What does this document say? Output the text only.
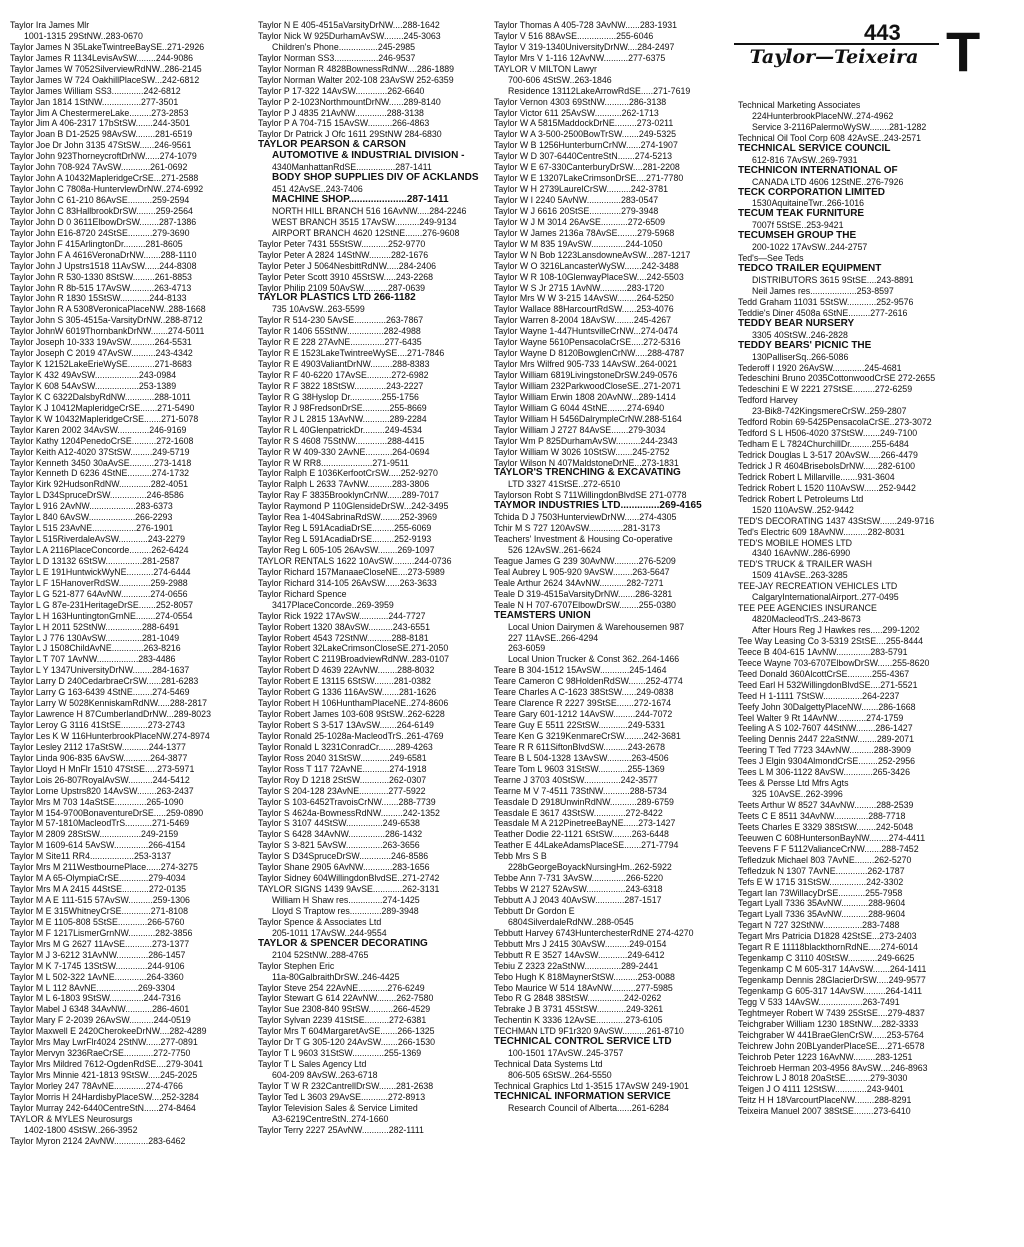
443
Taylor—Teixeira T
Taylor Ira James Mlr
1001-1315 29StNW..283-0670
Taylor James N 35LakeTwintreeBaySE..271-2926
Taylor James R 1134LevisAvSW........244-9086
Taylor James W 7052SilverviewRdNW..286-2145
Taylor James W 724 OakhillPlaceSW...242-6812
Taylor James William SS3.............242-6812
Taylor Jan 1814 1StNW................277-3501
Taylor Jim A ChestermereLake.........273-2853
Taylor Jim A 406-2317 17bStSW.......244-3501
Taylor Joan B D1-2525 98AvSW........281-6519
Taylor Joe Dr John 3135 47StSW......246-9561
Taylor John 923ThorneycroftDrNW......274-1079
Taylor John 708-924 7AvSW............261-0692
Taylor John A 10432MapleridgeCrSE...271-2588
Taylor John C 7808a-HuntervlewDrNW..274-6992
Taylor John C 61-210 86AvSE..........259-2594
Taylor John C 83HallbrookDrSW........259-2564
Taylor John D 0 3611ElbowDrSW........287-1386
Taylor John E16-8720 24StSE..........279-3690
Taylor John F 415ArlingtonDr.........281-8605
Taylor John F A 4616VeronaDrNW.......288-1110
Taylor John J Upstrs1518 11AvSW......244-8308
Taylor John R 530-1330 8StSW.........261-8853
Taylor John R 8b-515 17AvSW..........263-4713
Taylor John R 1830 15StSW............244-8133
Taylor John R A 5308VeronicaPlaceNW..288-1668
Taylor John S 305-4515a-VarsityDrNW..288-8712
Taylor JohnW 6019ThornbankDrNW.......274-5011
Taylor Joseph 10-333 19AvSW..........264-5531
Taylor Joseph C 2019 47AvSW..........243-4342
Taylor K 12152LakeErieWySE...........271-8683
Taylor K 432 49AvSW..................243-0984
Taylor K 608 54AvSW..................253-1389
Taylor K C 6322DalsbyRdNW............288-1011
Taylor K J 10412MapleridgeCrSE.......271-5490
Taylor K W 10432MapleridgeCrSE.......271-5078
Taylor Karen 2002 34AvSW.............246-9169
Taylor Kathy 1204PenedoCrSE..........272-1608
Taylor Keith A12-4020 37StSW.........249-5719
Taylor Kenneth 3450 30aAvSE..........273-1418
Taylor Kenneth D 6236 4StNE..........274-1732
Taylor Kirk 92HudsonRdNW.............282-4051
Taylor L D34SpruceDrSW...............246-8586
Taylor L 916 2AvNW...................283-6373
Taylor L 840 6AvSW...................266-2293
Taylor L 515 23AvNE..................276-1901
Taylor L 515RiverdaleAvSW............243-2279
Taylor L A 2116PlaceConcorde.........262-6424
Taylor L D 13132 6StSW...............281-2587
Taylor L E 191HuntwickWyNE...........274-6444
Taylor L F 15HanoverRdSW.............259-2988
Taylor L G 521-877 64AvNW............274-0656
Taylor L G 87e-231HeritageDrSE.......252-8057
Taylor L H 163HuntingtonGrnNE........274-0554
Taylor L H 2011 52StNW...............288-6491
Taylor L J 776 130AvSW...............281-1049
Taylor L J 1508ChildAvNE.............263-8216
Taylor L T 707 1AvNW.................283-4486
Taylor L Y 1347UniversityDrNW........284-1637
Taylor Larry D 240CedarbraeCrSW......281-6283
Taylor Larry G 163-6439 4StNE........274-5469
Taylor Larry W 5028KenniskamRdNW.....288-2817
Taylor Lawrence H 87CumberlandDrNW...289-8023
Taylor Leroy G 3116 41StSE...........273-2743
Taylor Les K W 116HunterbrookPlaceNW.274-8974
Taylor Lesley 2112 17aStSW...........244-1377
Taylor Linda 906-835 6AvSW...........264-3877
Taylor Lloyd H MnFlr 1510 47StSE.....273-5971
Taylor Lois 26-807RoyalAvSW..........244-5412
Taylor Lorne Upstrs820 14AvSW........263-2437
Taylor Mrs M 703 14aStSE.............265-1090
Taylor M 154-9700BonaventureDrSE.....259-0890
Taylor M 57-1810MacleodTrS...........271-5469
Taylor M 2809 28StSW.................249-2159
Taylor M 1609-614 5AvSW..............266-4154
Taylor M Site11 RR4..................253-3137
Taylor Mrs M 211WestbournePlace......274-3275
Taylor M A 65-OlympiaCrSE............279-4034
Taylor Mrs M A 2415 44StSE...........272-0135
Taylor M A E 111-515 57AvSW..........259-1306
Taylor M E 315WhitneyCrSE............271-8108
Taylor M E 1105-808 5StSE............266-5760
Taylor M F 1217LismerGrnNW...........282-3856
Taylor Mrs M G 2627 11AvSE...........273-1377
Taylor M J 3-6212 31AvNW.............286-1457
Taylor M K 7-1745 13StSW.............244-9106
Taylor M L 502-322 1AvNE.............264-3360
Taylor M L 112 8AvNE.................269-3304
Taylor M L 6-1803 9StSW..............244-7316
Taylor Mabel J 6348 34AvNW...........286-4601
Taylor Mary F 2-2039 26AvSW..........244-0519
Taylor Maxwell E 2420CherokeeDrNW....282-4289
Taylor Mrs May LwrFlr4024 2StNW......277-0891
Taylor Mervyn 3236RaeCrSE............272-7750
Taylor Mrs Mildred 7612-OgdenRdSE....279-3041
Taylor Mrs Minnie 421-1813 9StSW.....245-2025
Taylor Morley 247 78AvNE.............274-4766
Taylor Morris H 24HardisbyPlaceSW....252-3284
Taylor Murray 242-6440CentreStN......274-8464
TAYLOR & MYLES Neurosurgs
1402-1800 4StSW..266-3952
Taylor Myron 2124 2AvNW..............283-6462
Taylor N E 405-4515aVarsityDrNW....288-1642
Taylor Nick W 925DurhamAvSW........245-3063
Children's Phone................245-2985
Taylor Norman SS3..................246-9537
Taylor Norman R 4828BownessRdNW....286-1889
Taylor Norman Walter 202-108 23AvSW 252-6359
Taylor P 17-322 14AvSW.............262-6640
Taylor P 2-1023NorthmountDrNW......289-8140
Taylor P J 4835 21AvNW.............288-3138
Taylor P A 704-715 15AvSW..........266-4863
Taylor Dr Patrick J Ofc 1611 29StNW 284-6830
TAYLOR PEARSON & CARSON
AUTOMOTIVE & INDUSTRIAL DIVISION -
4340ManhattanRdSE................287-1411
BODY SHOP SUPPLIES DIV OF ACKLANDS
451 42AvSE..243-7406
MACHINE SHOP.....................287-1411
NORTH HILL BRANCH 516 16AvNW.....284-2246
WEST BRANCH 3515 17AvSW..........249-9134
AIRPORT BRANCH 4620 12StNE.......276-9608
Taylor Peter 7431 55StSW...........252-9770
Taylor Peter A 2824 14StNW.........282-1676
Taylor Peter J 5064NesbittRdNW.....284-2406
Taylor Peter Scott 3910 45StSW.....243-2268
Taylor Philip 2109 50AvSW..........287-0639
TAYLOR PLASTICS LTD 266-1182
735 10AvSW..263-5599
Taylor R 514-230 5AvSE.............263-7867
Taylor R 1406 55StNW...............282-4988
Taylor R E 228 27AvNE..............277-6435
Taylor R E 1523LakeTwintreeWySE....271-7846
Taylor R E 4903ValiantDrNW.........288-8383
Taylor R F 40-6220 17AvSE..........272-6982
Taylor R F 3822 18StSW.............243-2227
Taylor R G 38Hyslop Dr.............255-1756
Taylor R J 98FredsonDrSE...........255-8669
Taylor R J L 2815 13AvNW...........289-2284
Taylor R L 40GlenpatrickDr.........249-4534
Taylor R S 4608 75StNW.............288-4415
Taylor R W 409-330 2AvNE...........264-0694
Taylor R W RR8.....................271-9511
Taylor Ralph E 1036KerfootCrSW.....252-9270
Taylor Ralph L 2633 7AvNW..........283-3806
Taylor Ray F 3835BrooklynCrNW......289-7017
Taylor Raymond P 110GlensideDrSW...242-3495
Taylor Rea 1-404SabrinaRdSW........252-3969
Taylor Reg L 591AcadiaDrSE.........255-6069
Taylor Reg L 591AcadiaDrSE.........252-9193
Taylor Reg L 605-105 26AvSW........269-1097
TAYLOR RENTALS 1622 10AvSW.........244-0736
Taylor Richard 157ManaaeCloseNE....273-5989
Taylor Richard 314-105 26AvSW......263-3633
Taylor Richard Spence
3417PlaceConcorde..269-3959
Taylor Rick 1922 17AvSW............244-7727
Taylor Robert 1320 38AvSW..........243-6551
Taylor Robert 4543 72StNW..........288-8181
Taylor Robert 32LakeCrimsonCloseSE.271-2050
Taylor Robert C 2119BroadviewRdNW..283-0107
Taylor Robert D 4639 22AvNW........288-8032
Taylor Robert E 13115 6StSW........281-0382
Taylor Robert G 1336 116AvSW.......281-1626
Taylor Robert H 106HunthamPlaceNE..274-8606
Taylor Robert James 103-608 9StSW..262-6228
Taylor Robert S 3-517 13AvSW.......264-6149
Taylor Ronald 25-1028a-MacleodTrS..261-4769
Taylor Ronald L 3231ConradCr.......289-4263
Taylor Ross 2040 31StSW............249-6581
Taylor Ross T 117 72AvNE...........274-1918
Taylor Roy D 1218 2StSW............262-0307
Taylor S 204-128 23AvNE............277-5922
Taylor S 103-6452TravoisCrNW.......288-7739
Taylor S 4624a-BownessRdNW.........242-1352
Taylor S 3107 44StSW...............249-6538
Taylor S 6428 34AvNW...............286-1432
Taylor S 3-821 5AvSW...............263-3656
Taylor S D34SpruceDrSW.............246-8586
Taylor Shane 2905 6AvNW............283-1656
Taylor Sidney 604WillingdonBlvdSE..271-2742
TAYLOR SIGNS 1439 9AvSE............262-3131
William H Shaw res..............274-1425
Lloyd S Traptow res.............289-3948
Taylor Spence & Associates Ltd
205-1011 17AvSW..244-9554
TAYLOR & SPENCER DECORATING
2104 52StNW..288-4765
Taylor Stephen Eric
11a-80GalbraithDrSW..246-4425
Taylor Steve 254 22AvNE............276-6249
Taylor Stewart G 614 22AvNW........262-7580
Taylor Sue 2308-840 9StSW..........266-4529
Taylor Sylvan 2239 41StSE..........272-6381
Taylor Mrs T 604MargaretAvSE.......266-1325
Taylor Dr T G 305-120 24AvSW.......266-1530
Taylor T L 9603 31StSW.............255-1369
Taylor T L Sales Agency Ltd
604-209 8AvSW..263-6718
Taylor T W R 232CantrellDrSW.......281-2638
Taylor Ted L 3603 29AvSE...........272-8913
Taylor Television Sales & Service Limited
A3-6219CentreStN..274-1660
Taylor Terry 2227 25AvNW...........282-1111
Taylor Thomas A 405-728 3AvNW......283-1931
Taylor V 516 88AvSE................255-6046
Taylor V 319-1340UniversityDrNW....284-2497
Taylor Mrs V 1-116 12AvNW..........277-6375
TAYLOR V MILTON Lawyr
700-606 4StSW..263-1846
Residence 13112LakeArrowRdSE.....271-7619
Taylor Vernon 4303 69StNW..........286-3138
Taylor Victor 611 25AvSW...........262-1713
Taylor W A 5815MaddockDrNE.........273-0211
Taylor W A 3-500-2500BowTrSW.......249-5325
Taylor W B 1256HunterburnCrNW......274-1907
Taylor W D 307-6440CentreStN.......274-5213
Taylor W E 67-330CanterburyDrSW....281-2208
Taylor W E 13207LakeCrimsonDrSE....271-7780
Taylor W H 2739LaurelCrSW..........242-3781
Taylor W I 2240 5AvNW..............283-0547
Taylor W J 6616 20StSE.............279-3948
Taylor W J M 3014 26AvSE...........272-6509
Taylor W James 2136a 78AvSE........279-5968
Taylor W M 835 19AvSW..............244-1050
Taylor W N Bob 1223LansdowneAvSW...287-1217
Taylor W O 3216LancasterWySW.......242-3488
Taylor W R 108-10GlenwayPlaceSW....242-5503
Taylor W S Jr 2715 1AvNW...........283-1720
Taylor Mrs W W 3-215 14AvSW........264-5250
Taylor Wallace 88HarcourtRdSW......253-4076
Taylor Warren 8-2004 18AvSW........245-4267
Taylor Wayne 1-447HuntsvilleCrNW...274-0474
Taylor Wayne 5610PensacolaCrSE.....272-5316
Taylor Wayne D 8120BowglenCrNW.....288-4787
Taylor Mrs Wilfred 905-733 14AvSW..264-0021
Taylor William 6819LivingstoneDrSW.249-0576
Taylor William 232ParkwoodCloseSE..271-2071
Taylor William Erwin 1808 20AvNW...289-1414
Taylor William G 6044 4StNE........274-6940
Taylor William H 5456DalrympleCrNW.288-5164
Taylor William J 2727 84AvSE.......279-3034
Taylor Wm P 825DurhamAvSW..........244-2343
Taylor William W 3026 10StSW.......245-2752
Taylor Wilson N 407MaldstoneDrNE...273-1831
TAYLOR'S TRENCHING & EXCAVATING
LTD 3327 41StSE..272-6510
Taylorson Robt S 711WillingdonBlvdSE 271-0778
TAYMOR INDUSTRIES LTD..............269-4165
Tchida D J 7503HunterviewDrNW......274-4305
Tchir M S 727 120AvSW..............281-3173
Teachers' Investment & Housing Co-operative
526 12AvSW..261-6624
Teague James G 239 30AvNW..........276-5209
Teal Aubrey L 905-920 9AvSW........263-5647
Teale Arthur 2624 34AvNW...........282-7271
Teale D 319-4515aVarsityDrNW.......286-3281
Teale N H 707-6707ElbowDrSW........255-0380
TEAMSTERS UNION
Local Union Dairymen & Warehousemen 987
227 11AvSE..266-4294
263-6059
Local Union Trucker & Const 362..264-1466
Teare B 304-1512 15AvSW............245-1464
Teare Cameron C 98HoldenRdSW.......252-4774
Teare Charles A C-1623 38StSW......249-0838
Teare Clarence R 2227 39StSE.......272-1674
Teare Gary 601-1212 14AvSW.........244-7072
Teare Guy E 5511 22StSW............249-5331
Teare Ken G 3219KenmareCrSW........242-3681
Teare R R 611SiftonBlvdSW..........243-2678
Teare B L 504-1328 13AvSW..........263-4506
Teare Tom L 9603 31StSW............255-1369
Tearne J 3703 40StSW...............242-3577
Tearne M V 7-4511 73StNW...........288-5734
Teasdale D 2918UnwinRdNW...........289-6759
Teasdale E 3617 43StSW.............272-8422
Teasdale M A 212PinetreeBayNE......273-1427
Teather Dodie 22-1121 6StSW........263-6448
Teather E 44LakeAdamsPlaceSE.......271-7794
Tebb Mrs S B
228bGeorgeBoyackNursingHm..262-5922
Tebbe Ann 7-731 3AvSW..............266-5220
Tebbs W 2127 52AvSW................243-6318
Tebbutt A J 2043 40AvSW............287-1517
Tebbutt Dr Gordon E
6804SilverdaleRdNW..288-0545
Tebbutt Harvey 6743HunterchesterRdNE 274-4270
Tebbutt Mrs J 2415 30AvSW..........249-0154
Tebbutt R E 3527 14AvSW............249-6412
Tebiu Z 2323 22aStNW...............289-2441
Tebo Hugh K 818MaynerStSW..........253-0088
Tebo Maurice W 514 18AvNW..........277-5985
Tebo R G 2848 38StSW...............242-0262
Tebrake J B 3731 45StSW............249-3261
Techentin K 3336 12AvSE............273-6105
TECHMAN LTD 9F1r320 9AvSW..........261-8710
TECHNICAL CONTROL SERVICE LTD
100-1501 17AvSW..245-3757
Technical Data Systems Ltd
806-505 6StSW..264-5550
Technical Graphics Ltd 1-3515 17AvSW 249-1901
TECHNICAL INFORMATION SERVICE
Research Council of Alberta......261-6284
Technical Marketing Associates
224HunterbrookPlaceNW..274-4962
Service 3-2116PalermoWySW........281-1282
Technical Oil Tool Corp 608 42AvSE..243-2571
TECHNICAL SERVICE COUNCIL
612-816 7AvSW..269-7931
TECHNICON INTERNATIONAL OF
CANADA LTD 4606 12StNE..276-7926
TECK CORPORATION LIMITED
1530AquitaineTwr..266-1016
TECUM TEAK FURNITURE
7007f 5StSE..253-9421
TECUMSEH GROUP THE
200-1022 17AvSW..244-2757
Ted's—See Teds
TEDCO TRAILER EQUIPMENT
DISTRIBUTORS 3615 9StSE....243-8891
Neil James res...................253-8597
Tedd Graham 11031 5StSW............252-9576
Teddie's Diner 4508a 6StNE.........277-2616
TEDDY BEAR NURSERY
3305 40StSW..246-2828
TEDDY BEARS' PICNIC THE
130PalliserSq..266-5086
Tederoff I 1920 26AvSW.............245-4681
Tedeschini Bruno 2035CottonwoodCrSE 272-2655
Tedeschini E W 2221 27StSE.........272-6259
Tedford Harvey
23-Bik8-742KingsmereCrSW..259-2807
Tedford Robin 69-5425PensacolaCrSE..273-3072
Tedford S L H506-4020 37StSW.......249-7100
Tedham E L 7824ChurchillDr.........255-6484
Tedrick Douglas L 3-517 20AvSW.....266-4479
Tedrick J R 4604BrisebolsDrNW......282-6100
Tedrick Robert L Millarville.......931-3604
Tedrick Robert L 1520 110AvSW......252-9442
Tedrick Robert L Petroleums Ltd
1520 110AvSW..252-9442
TED'S DECORATING 1437 43StSW.......249-9716
Ted's Electric 609 18AvNW..........282-8031
TED'S MOBILE HOMES LTD
4340 16AvNW..286-6990
TED'S TRUCK & TRAILER WASH
1509 41AvSE..263-3285
TEE-JAY RECREATION VEHICLES LTD
CalgaryInternationalAirport..277-0495
TEE PEE AGENCIES INSURANCE
4820MacleodTrS..243-8673
After Hours Reg J Hawkes res.....299-1202
Tee Way Leasing Co 3-5319 2StSE....255-8444
Teece B 404-615 1AvNW..............283-5791
Teece Wayne 703-6707ElbowDrSW......255-8620
Teed Donald 360AlcottCrSE..........255-4367
Teed Earl H 532WillingdonBlvdSE....271-5521
Teed H 1-1111 7StSW................264-2237
Teefy John 30DalgettyPlaceNW.......286-1668
Teel Walter 9 Rt 14AvNW............274-1759
Teeling A S 102-7607 44StNW........286-1427
Teeling Dennis 2447 22aStNW........289-2071
Teering T Ted 7723 34AvNW..........288-3909
Tees J Elgin 9304AlmondCrSE........252-2956
Tees L M 306-1122 8AvSW............265-3426
Tees & Persse Ltd Mfrs Agts
325 10AvSE..262-3996
Teets Arthur W 8527 34AvNW.........288-2539
Teets C E 8511 34AvNW..............288-7718
Teets Charles E 3329 38StSW........242-5048
Teeuwen C 608HuntersonBayNW........274-4411
Teevens F F 5112ValianceCrNW.......288-7452
Tefledzuk Michael 803 7AvNE........262-5270
Tefledzuk N 1307 7AvNE.............262-1787
Tefs E W 1715 31StSW...............242-3302
Tegart Ian 73WillacyDrSE...........255-7958
Tegart Lyall 7336 35AvNW...........288-9604
Tegart Lyall 7336 35AvNW...........288-9604
Tegart N 727 32StNW................283-7488
Tegart Mrs Patricia D1828 42StSE...273-2403
Tegart R E 11118blackthornRdNE.....274-6014
Tegenkamp C 3110 40StSW............249-6625
Tegenkamp C M 605-317 14AvSW.......264-1411
Tegenkamp Dennis 28GlacierDrSW.....249-9577
Tegenkamp G 605-317 14AvSW.........264-1411
Tegg V 533 14AvSW..................263-7491
Teghtmeyer Robert W 7439 25StSE....279-4837
Teichgraber William 1230 18StNW....282-3333
Teichgraber W 441BraeGlenCrSW......253-5764
Teichrew John 20BLyanderPlaceSE....271-6578
Teichrob Peter 1223 16AvNW.........283-1251
Teichroeb Herman 203-4956 8AvSW....246-8963
Teichrow L J 8018 20aStSE..........279-3030
Teigen J O 4111 12StSW.............243-9401
Teitz H H 18VarcourtPlaceNW........288-8291
Teixeira Manuel 2007 38StSE........273-6410
